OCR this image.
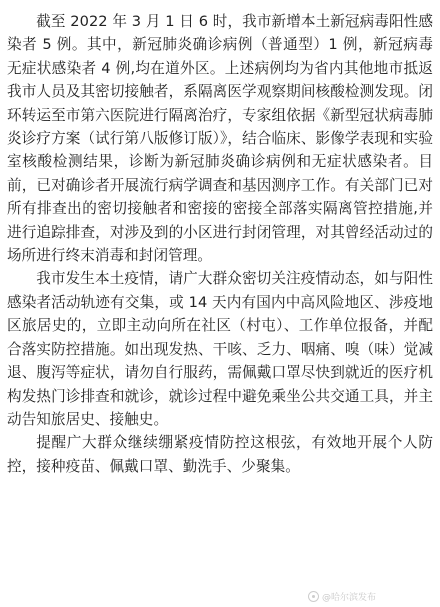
截至 2022 年 3 月 1 日 6 时，我市新增本土新冠病毒阳性感染者 5 例。其中，新冠肺炎确诊病例（普通型）1 例，新冠病毒无症状感染者 4 例,均在道外区。上述病例均为省内其他地市抵返我市人员及其密切接触者，系隔离医学观察期间核酸检测发现。闭环转运至市第六医院进行隔离治疗，专家组依据《新型冠状病毒肺炎诊疗方案（试行第八版修订版）》，结合临床、影像学表现和实验室核酸检测结果，诊断为新冠肺炎确诊病例和无症状感染者。目前，已对确诊者开展流行病学调查和基因测序工作。有关部门已对所有排查出的密切接触者和密接的密接全部落实隔离管控措施,并进行追踪排查，对涉及到的小区进行封闭管理，对其曾经活动过的场所进行终末消毒和封闭管理。

我市发生本土疫情，请广大群众密切关注疫情动态，如与阳性感染者活动轨迹有交集，或 14 天内有国内中高风险地区、涉疫地区旅居史的，立即主动向所在社区（村屯）、工作单位报备，并配合落实防控措施。如出现发热、干咳、乏力、咽痛、嗅（味）觉减退、腹泻等症状，请勿自行服药，需佩戴口罩尽快到就近的医疗机构发热门诊排查和就诊，就诊过程中避免乘坐公共交通工具，并主动告知旅居史、接触史。

提醒广大群众继续绷紧疫情防控这根弦，有效地开展个人防控，接种疫苗、佩戴口罩、勤洗手、少聚集。

@哈尔滨发布
